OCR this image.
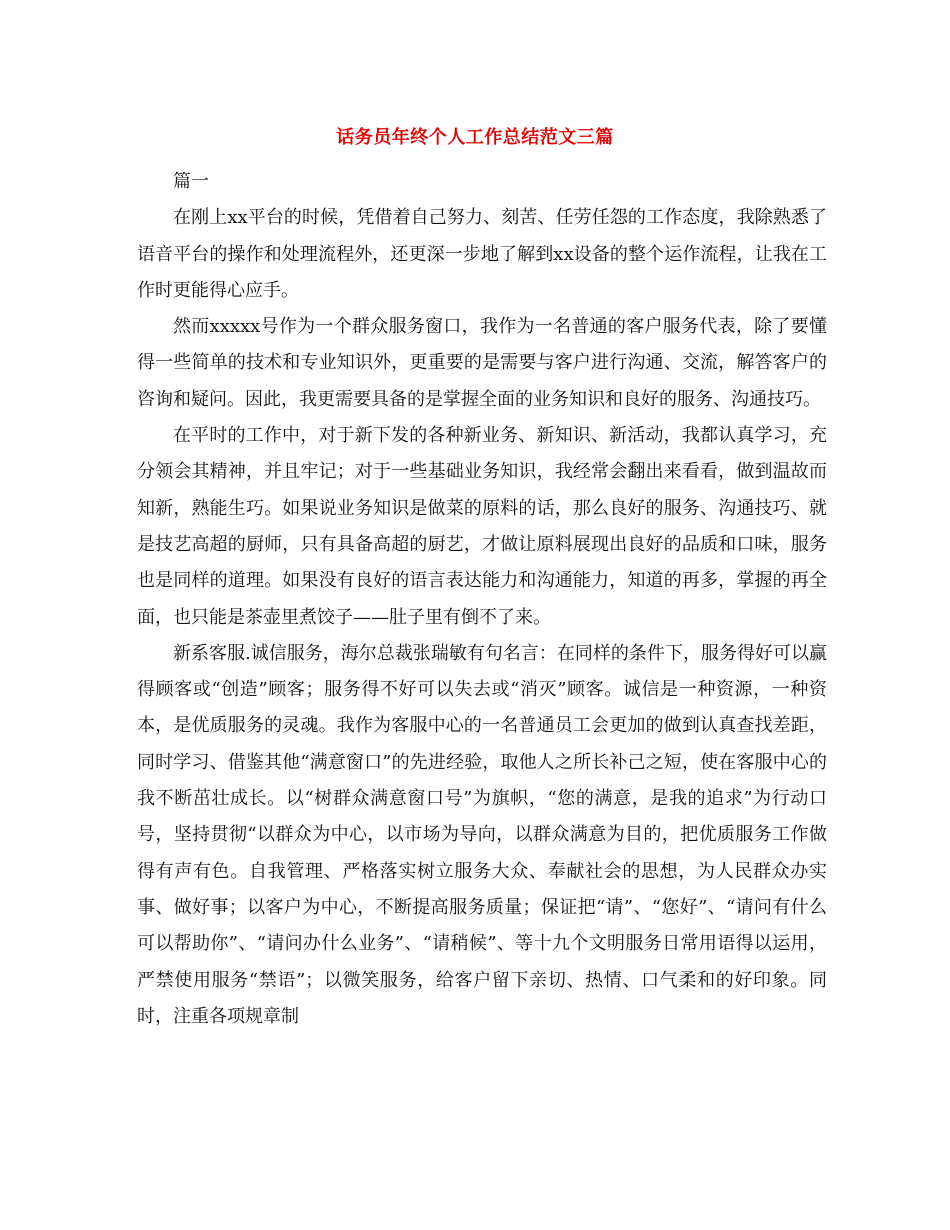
话务员年终个人工作总结范文三篇

篇一

在刚上xx平台的时候，凭借着自己努力、刻苦、任劳任怨的工作态度，我除熟悉了语音平台的操作和处理流程外，还更深一步地了解到xx设备的整个运作流程，让我在工作时更能得心应手。

然而xxxxx号作为一个群众服务窗口，我作为一名普通的客户服务代表，除了要懂得一些简单的技术和专业知识外，更重要的是需要与客户进行沟通、交流，解答客户的咨询和疑问。因此，我更需要具备的是掌握全面的业务知识和良好的服务、沟通技巧。

在平时的工作中，对于新下发的各种新业务、新知识、新活动，我都认真学习，充分领会其精神，并且牢记；对于一些基础业务知识，我经常会翻出来看看，做到温故而知新，熟能生巧。如果说业务知识是做菜的原料的话，那么良好的服务、沟通技巧、就是技艺高超的厨师，只有具备高超的厨艺，才做让原料展现出良好的品质和口味，服务也是同样的道理。如果没有良好的语言表达能力和沟通能力，知道的再多，掌握的再全面，也只能是茶壶里煮饺子——肚子里有倒不了来。

新系客服.诚信服务，海尔总裁张瑞敏有句名言：在同样的条件下，服务得好可以赢得顾客或“创造”顾客；服务得不好可以失去或“消灭”顾客。诚信是一种资源，一种资本，是优质服务的灵魂。我作为客服中心的一名普通员工会更加的做到认真查找差距，同时学习、借鉴其他“满意窗口”的先进经验，取他人之所长补己之短，使在客服中心的我不断茁壮成长。以“树群众满意窗口号”为旗帜，“您的满意，是我的追求”为行动口号，坚持贯彻“以群众为中心，以市场为导向，以群众满意为目的，把优质服务工作做得有声有色。自我管理、严格落实树立服务大众、奉献社会的思想，为人民群众办实事、做好事；以客户为中心，不断提高服务质量；保证把“请”、“您好”、“请问有什么可以帮助你”、“请问办什么业务”、“请稍候”、等十九个文明服务日常用语得以运用，严禁使用服务“禁语”；以微笑服务，给客户留下亲切、热情、口气柔和的好印象。同时，注重各项规章制
